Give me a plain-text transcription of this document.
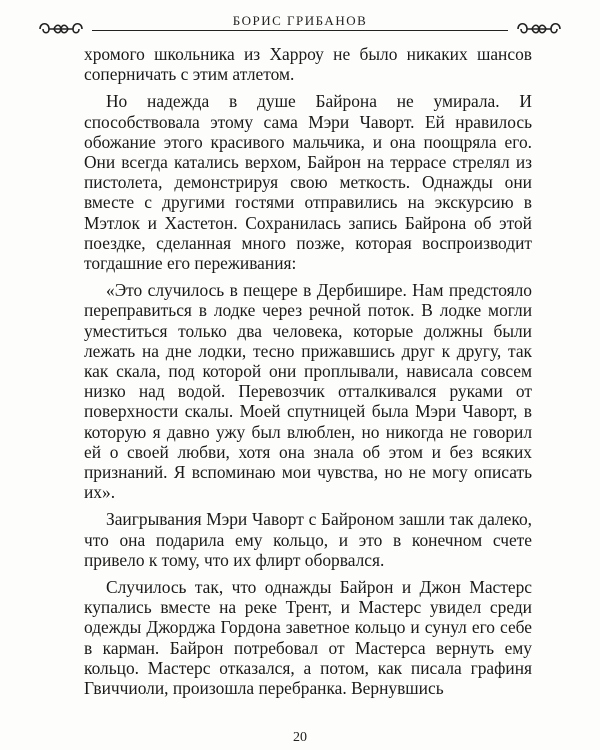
БОРИС ГРИБАНОВ

хромого школьника из Харроу не было никаких шансов соперничать с этим атлетом.

Но надежда в душе Байрона не умирала. И способствовала этому сама Мэри Чаворт. Ей нравилось обожание этого красивого мальчика, и она поощряла его. Они всегда катались верхом, Байрон на террасе стрелял из пистолета, демонстрируя свою меткость. Однажды они вместе с другими гостями отправились на экскурсию в Мэтлок и Хастетон. Сохранилась запись Байрона об этой поездке, сделанная много позже, которая воспроизводит тогдашние его переживания:

«Это случилось в пещере в Дербишире. Нам предстояло переправиться в лодке через речной поток. В лодке могли уместиться только два человека, которые должны были лежать на дне лодки, тесно прижавшись друг к другу, так как скала, под которой они проплывали, нависала совсем низко над водой. Перевозчик отталкивался руками от поверхности скалы. Моей спутницей была Мэри Чаворт, в которую я давно ужу был влюблен, но никогда не говорил ей о своей любви, хотя она знала об этом и без всяких признаний. Я вспоминаю мои чувства, но не могу описать их».

Заигрывания Мэри Чаворт с Байроном зашли так далеко, что она подарила ему кольцо, и это в конечном счете привело к тому, что их флирт оборвался.

Случилось так, что однажды Байрон и Джон Мастерс купались вместе на реке Трент, и Мастерс увидел среди одежды Джорджа Гордона заветное кольцо и сунул его себе в карман. Байрон потребовал от Мастерса вернуть ему кольцо. Мастерс отказался, а потом, как писала графиня Гвиччиоли, произошла перебранка. Вернувшись

20
